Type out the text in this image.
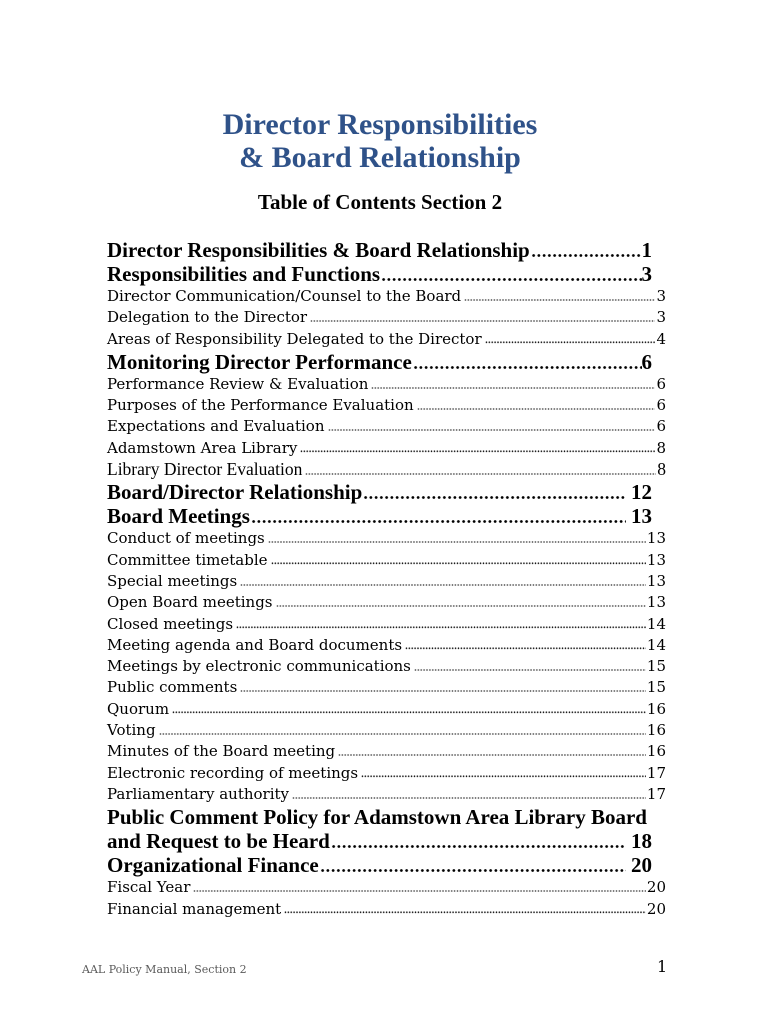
Director Responsibilities
& Board Relationship
Table of Contents Section 2
Director Responsibilities & Board Relationship	1
Responsibilities and Functions	3
Director Communication/Counsel to the Board	3
Delegation to the Director	3
Areas of Responsibility Delegated to the Director	4
Monitoring Director Performance	6
Performance Review & Evaluation	6
Purposes of the Performance Evaluation	6
Expectations and Evaluation	6
Adamstown Area Library	8
Library Director Evaluation	8
Board/Director Relationship	12
Board Meetings	13
Conduct of meetings	13
Committee timetable	13
Special meetings	13
Open Board meetings	13
Closed meetings	14
Meeting agenda and Board documents	14
Meetings by electronic communications	15
Public comments	15
Quorum	16
Voting	16
Minutes of the Board meeting	16
Electronic recording of meetings	17
Parliamentary authority	17
Public Comment Policy for Adamstown Area Library Board
and Request to be Heard	18
Organizational Finance	20
Fiscal Year	20
Financial management	20
AAL Policy Manual, Section 2	1
